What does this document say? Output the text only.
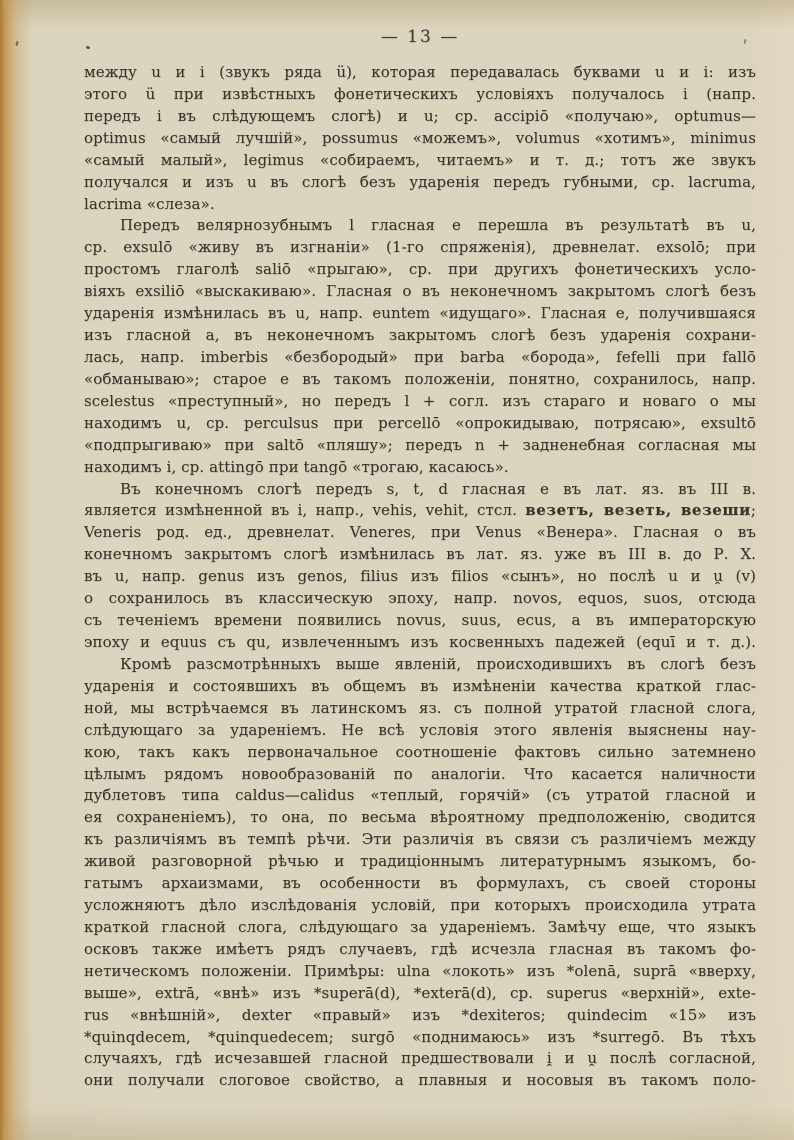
— 13 —
между u и i (звукъ ряда ü), которая передавалась буквами u и i: изъ
этого ü при извѣстныхъ фонетическихъ условіяхъ получалось i (напр.
передъ i въ слѣдующемъ слогѣ) и u; ср. accipiō «получаю», optumus—
optimus «самый лучшій», possumus «можемъ», volumus «хотимъ», minimus
«самый малый», legimus «собираемъ, читаемъ» и т. д.; тотъ же звукъ
получался и изъ u въ слогѣ безъ ударенія передъ губными, ср. lacruma,
lacrima «слеза».
Передъ велярнозубнымъ l гласная e перешла въ результатѣ въ u,
ср. exsulō «живу въ изгнаніи» (1-го спряженія), древнелат. exsolō; при
простомъ глаголѣ saliō «прыгаю», ср. при другихъ фонетическихъ усло-
віяхъ exsiliō «выскакиваю». Гласная o въ неконечномъ закрытомъ слогѣ безъ
ударенія измѣнилась въ u, напр. euntem «идущаго». Гласная e, получившаяся
изъ гласной a, въ неконечномъ закрытомъ слогѣ безъ ударенія сохрани-
лась, напр. imberbis «безбородый» при barba «борода», fefelli при fallō
«обманываю»; старое e въ такомъ положеніи, понятно, сохранилось, напр.
scelestus «преступный», но передъ l + согл. изъ стараго и новаго o мы
находимъ u, ср. perculsus при percellō «опрокидываю, потрясаю», exsultō
«подпрыгиваю» при saltō «пляшу»; передъ n + задненебная согласная мы
находимъ i, ср. attingō при tangō «трогаю, касаюсь».
Въ конечномъ слогѣ передъ s, t, d гласная e въ лат. яз. въ III в.
является измѣненной въ i, напр., vehis, vehit, стсл. везетъ, везеть, везеши;
Veneris род. ед., древнелат. Veneres, при Venus «Венера». Гласная o въ
конечномъ закрытомъ слогѣ измѣнилась въ лат. яз. уже въ III в. до Р. Х.
въ u, напр. genus изъ genos, filius изъ filios «сынъ», но послѣ u и u̯ (v)
o сохранилось въ классическую эпоху, напр. novos, equos, suos, отсюда
съ теченіемъ времени появились novus, suus, ecus, а въ императорскую
эпоху и equus съ qu, извлеченнымъ изъ косвенныхъ падежей (equī и т. д.).
Кромѣ разсмотрѣнныхъ выше явленій, происходившихъ въ слогѣ безъ
ударенія и состоявшихъ въ общемъ въ измѣненіи качества краткой глас-
ной, мы встрѣчаемся въ латинскомъ яз. съ полной утратой гласной слога,
слѣдующаго за удареніемъ. Не всѣ условія этого явленія выяснены нау-
кою, такъ какъ первоначальное соотношеніе фактовъ сильно затемнено
цѣлымъ рядомъ новообразованій по аналогіи. Что касается наличности
дублетовъ типа caldus—calidus «теплый, горячій» (съ утратой гласной и
ея сохраненіемъ), то она, по весьма вѣроятному предположенію, сводится
къ различіямъ въ темпѣ рѣчи. Эти различія въ связи съ различіемъ между
живой разговорной рѣчью и традиціоннымъ литературнымъ языкомъ, бо-
гатымъ архаизмами, въ особенности въ формулахъ, съ своей стороны
усложняютъ дѣло изслѣдованія условій, при которыхъ происходила утрата
краткой гласной слога, слѣдующаго за удареніемъ. Замѣчу еще, что языкъ
осковъ также имѣетъ рядъ случаевъ, гдѣ исчезла гласная въ такомъ фо-
нетическомъ положеніи. Примѣры: ulna «локоть» изъ *olenā, suprā «вверху,
выше», extrā, «внѣ» изъ *superā(d), *exterā(d), ср. superus «верхній», exte-
rus «внѣшній», dexter «правый» изъ *dexiteros; quindecim «15» изъ
*quinqdecem, *quinquedecem; surgō «поднимаюсь» изъ *surregō. Въ тѣхъ
случаяхъ, гдѣ исчезавшей гласной предшествовали i̯ и u̯ послѣ согласной,
они получали слоговое свойство, а плавныя и носовыя въ такомъ поло-
